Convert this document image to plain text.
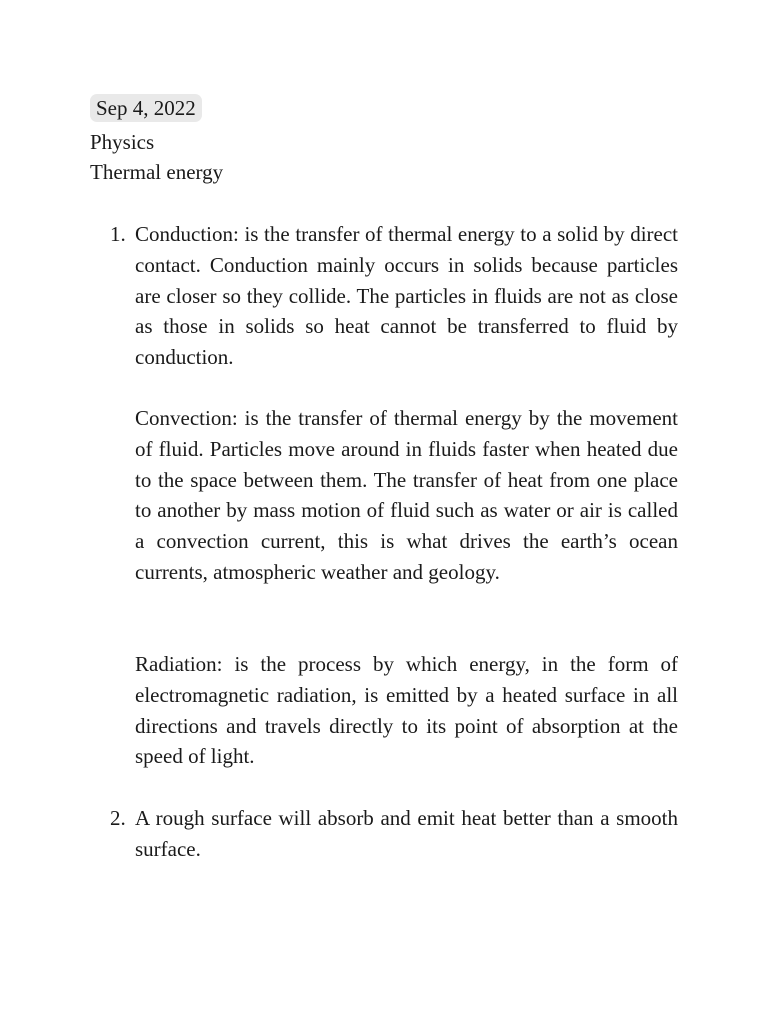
Sep 4, 2022
Physics
Thermal energy
1. Conduction: is the transfer of thermal energy to a solid by direct contact. Conduction mainly occurs in solids because particles are closer so they collide. The particles in fluids are not as close as those in solids so heat cannot be transferred to fluid by conduction.

Convection: is the transfer of thermal energy by the movement of fluid. Particles move around in fluids faster when heated due to the space between them. The transfer of heat from one place to another by mass motion of fluid such as water or air is called a convection current, this is what drives the earth’s ocean currents, atmospheric weather and geology.

Radiation: is the process by which energy, in the form of electromagnetic radiation, is emitted by a heated surface in all directions and travels directly to its point of absorption at the speed of light.

2. A rough surface will absorb and emit heat better than a smooth surface.
